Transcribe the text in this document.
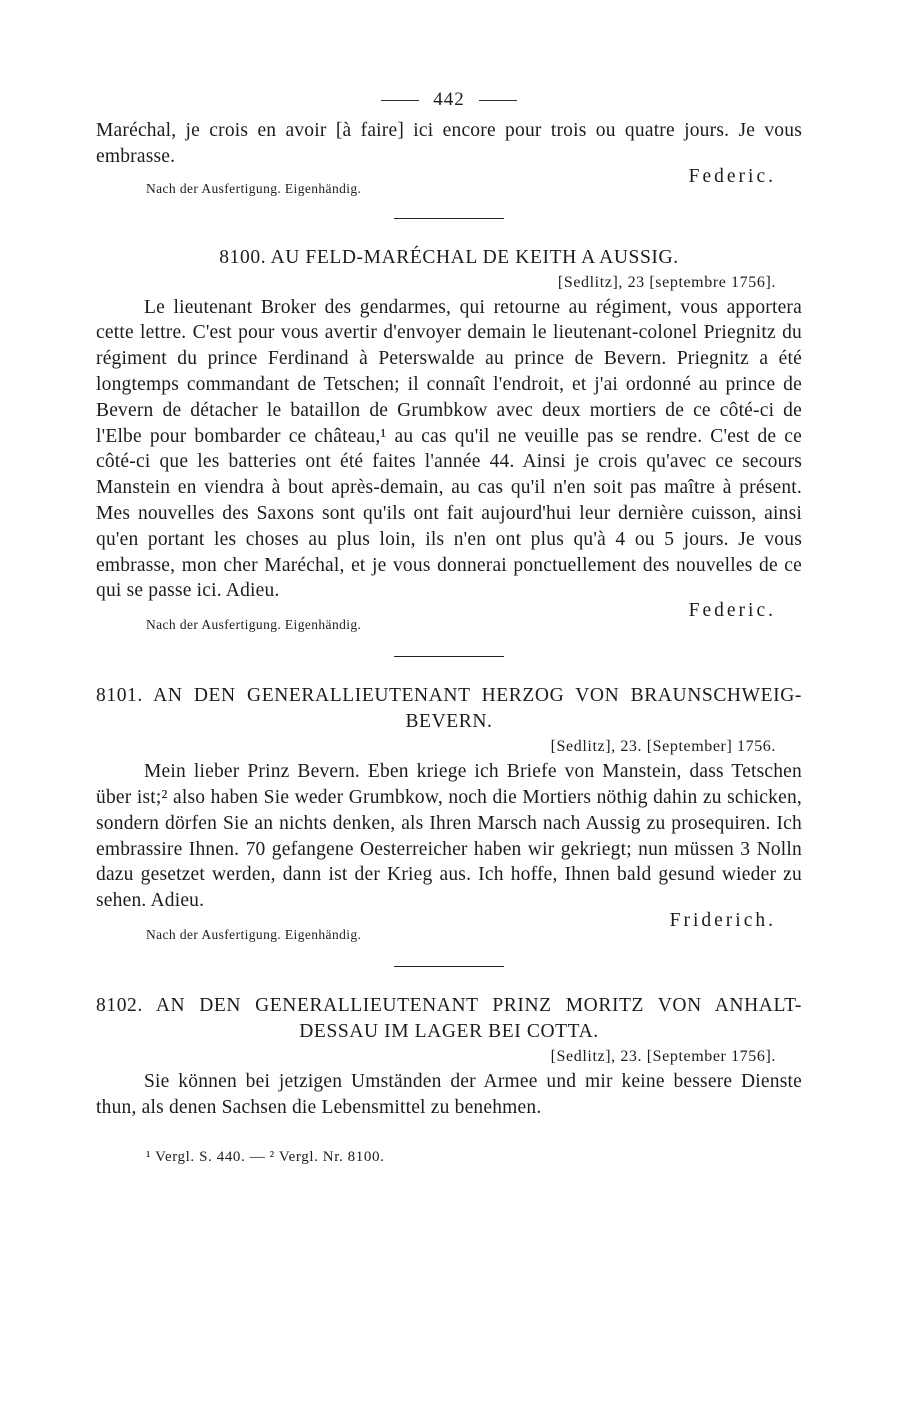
442

Maréchal, je crois en avoir [à faire] ici encore pour trois ou quatre jours. Je vous embrasse.

Federic.
Nach der Ausfertigung. Eigenhändig.

8100. AU FELD-MARÉCHAL DE KEITH A AUSSIG.

[Sedlitz], 23 [septembre 1756].

Le lieutenant Broker des gendarmes, qui retourne au régiment, vous apportera cette lettre. C'est pour vous avertir d'envoyer demain le lieutenant-colonel Priegnitz du régiment du prince Ferdinand à Peterswalde au prince de Bevern. Priegnitz a été longtemps commandant de Tetschen; il connaît l'endroit, et j'ai ordonné au prince de Bevern de détacher le bataillon de Grumbkow avec deux mortiers de ce côté-ci de l'Elbe pour bombarder ce château,¹ au cas qu'il ne veuille pas se rendre. C'est de ce côté-ci que les batteries ont été faites l'année 44. Ainsi je crois qu'avec ce secours Manstein en viendra à bout après-demain, au cas qu'il n'en soit pas maître à présent. Mes nouvelles des Saxons sont qu'ils ont fait aujourd'hui leur dernière cuisson, ainsi qu'en portant les choses au plus loin, ils n'en ont plus qu'à 4 ou 5 jours. Je vous embrasse, mon cher Maréchal, et je vous donnerai ponctuellement des nouvelles de ce qui se passe ici. Adieu.

Federic.
Nach der Ausfertigung. Eigenhändig.

8101. AN DEN GENERALLIEUTENANT HERZOG VON BRAUNSCHWEIG-BEVERN.

[Sedlitz], 23. [September] 1756.

Mein lieber Prinz Bevern. Eben kriege ich Briefe von Manstein, dass Tetschen über ist;² also haben Sie weder Grumbkow, noch die Mortiers nöthig dahin zu schicken, sondern dörfen Sie an nichts denken, als Ihren Marsch nach Aussig zu prosequiren. Ich embrassire Ihnen. 70 gefangene Oesterreicher haben wir gekriegt; nun müssen 3 Nolln dazu gesetzet werden, dann ist der Krieg aus. Ich hoffe, Ihnen bald gesund wieder zu sehen. Adieu.

Friderich.
Nach der Ausfertigung. Eigenhändig.

8102. AN DEN GENERALLIEUTENANT PRINZ MORITZ VON ANHALT-DESSAU IM LAGER BEI COTTA.

[Sedlitz], 23. [September 1756].

Sie können bei jetzigen Umständen der Armee und mir keine bessere Dienste thun, als denen Sachsen die Lebensmittel zu benehmen.

¹ Vergl. S. 440. — ² Vergl. Nr. 8100.
